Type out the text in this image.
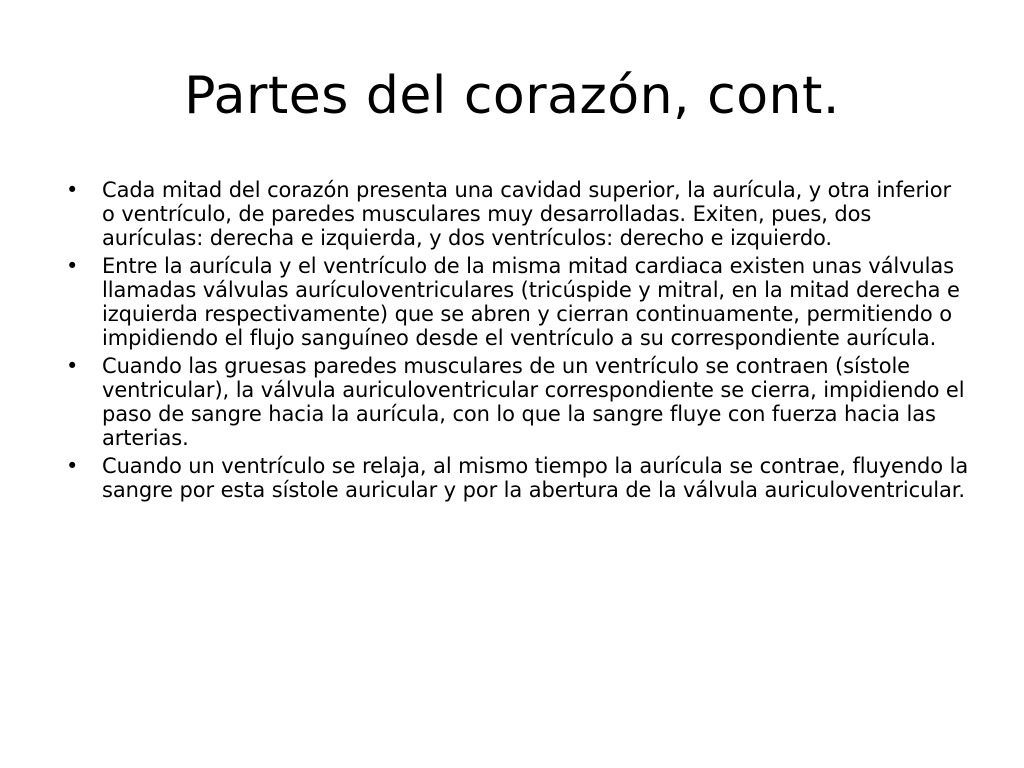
Partes del corazón, cont.
• Cada mitad del corazón presenta una cavidad superior, la aurícula, y otra inferior o ventrículo, de paredes musculares muy desarrolladas. Exiten, pues, dos aurículas: derecha e izquierda, y dos ventrículos: derecho e izquierdo.
• Entre la aurícula y el ventrículo de la misma mitad cardiaca existen unas válvulas llamadas válvulas aurículoventriculares (tricúspide y mitral, en la mitad derecha e izquierda respectivamente) que se abren y cierran continuamente, permitiendo o impidiendo el flujo sanguíneo desde el ventrículo a su correspondiente aurícula.
• Cuando las gruesas paredes musculares de un ventrículo se contraen (sístole ventricular), la válvula auriculoventricular correspondiente se cierra, impidiendo el paso de sangre hacia la aurícula, con lo que la sangre fluye con fuerza hacia las arterias.
• Cuando un ventrículo se relaja, al mismo tiempo la aurícula se contrae, fluyendo la sangre por esta sístole auricular y por la abertura de la válvula auriculoventricular.
